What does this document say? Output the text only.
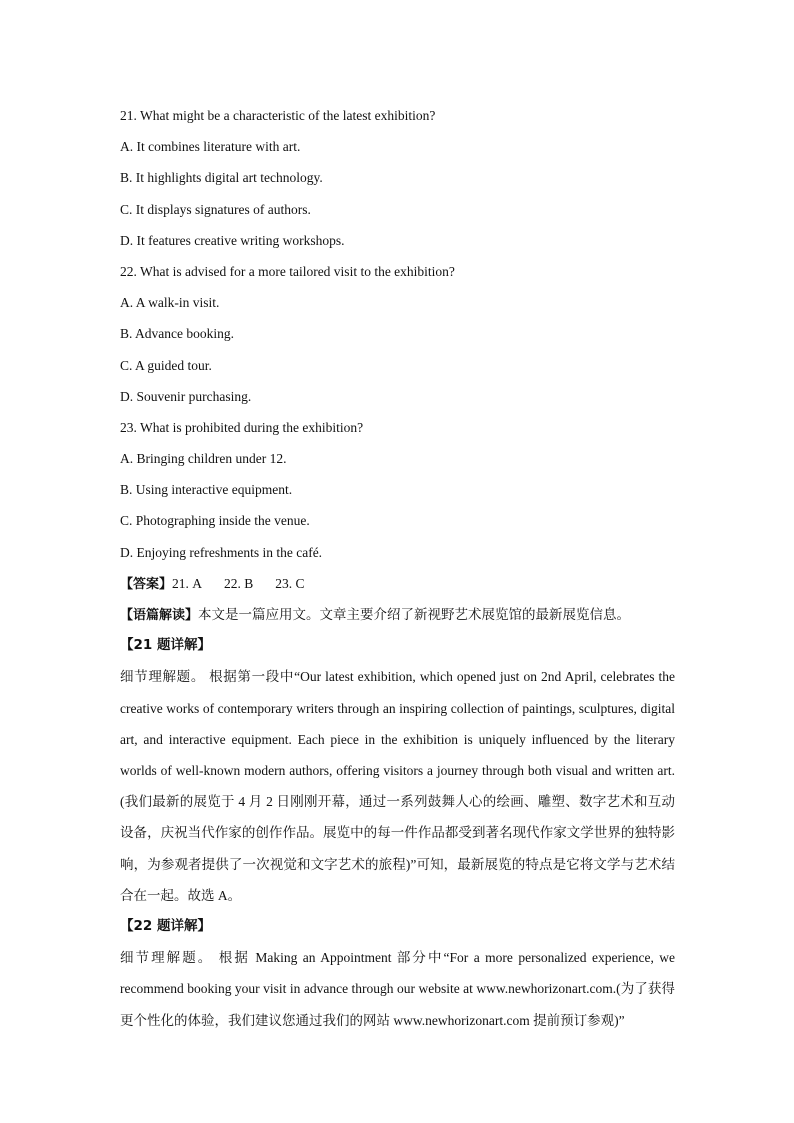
21. What might be a characteristic of the latest exhibition?
A. It combines literature with art.
B. It highlights digital art technology.
C. It displays signatures of authors.
D. It features creative writing workshops.
22. What is advised for a more tailored visit to the exhibition?
A. A walk-in visit.
B. Advance booking.
C. A guided tour.
D. Souvenir purchasing.
23. What is prohibited during the exhibition?
A. Bringing children under 12.
B. Using interactive equipment.
C. Photographing inside the venue.
D. Enjoying refreshments in the café.
【答案】21. A 22. B 23. C
【语篇解读】本文是一篇应用文。文章主要介绍了新视野艺术展览馆的最新展览信息。
【21 题详解】

细节理解题。 根据第一段中“Our latest exhibition, which opened just on 2nd April, celebrates the creative works of contemporary writers through an inspiring collection of paintings, sculptures, digital art, and interactive equipment. Each piece in the exhibition is uniquely influenced by the literary worlds of well-known modern authors, offering visitors a journey through both visual and written art.(我们最新的展览于 4 月 2 日刚刚开幕，通过一系列鼓舞人心的绘画、雕塑、数字艺术和互动设备，庆祝当代作家的创作作品。展览中的每一件作品都受到著名现代作家文学世界的独特影响，为参观者提供了一次视觉和文字艺术的旅程)”可知，最新展览的特点是它将文学与艺术结合在一起。故选 A。

【22 题详解】

细节理解题。 根据 Making an Appointment 部分中“For a more personalized experience, we recommend booking your visit in advance through our website at www.newhorizonart.com.(为了获得更个性化的体验，我们建议您通过我们的网站 www.newhorizonart.com 提前预订参观)”
